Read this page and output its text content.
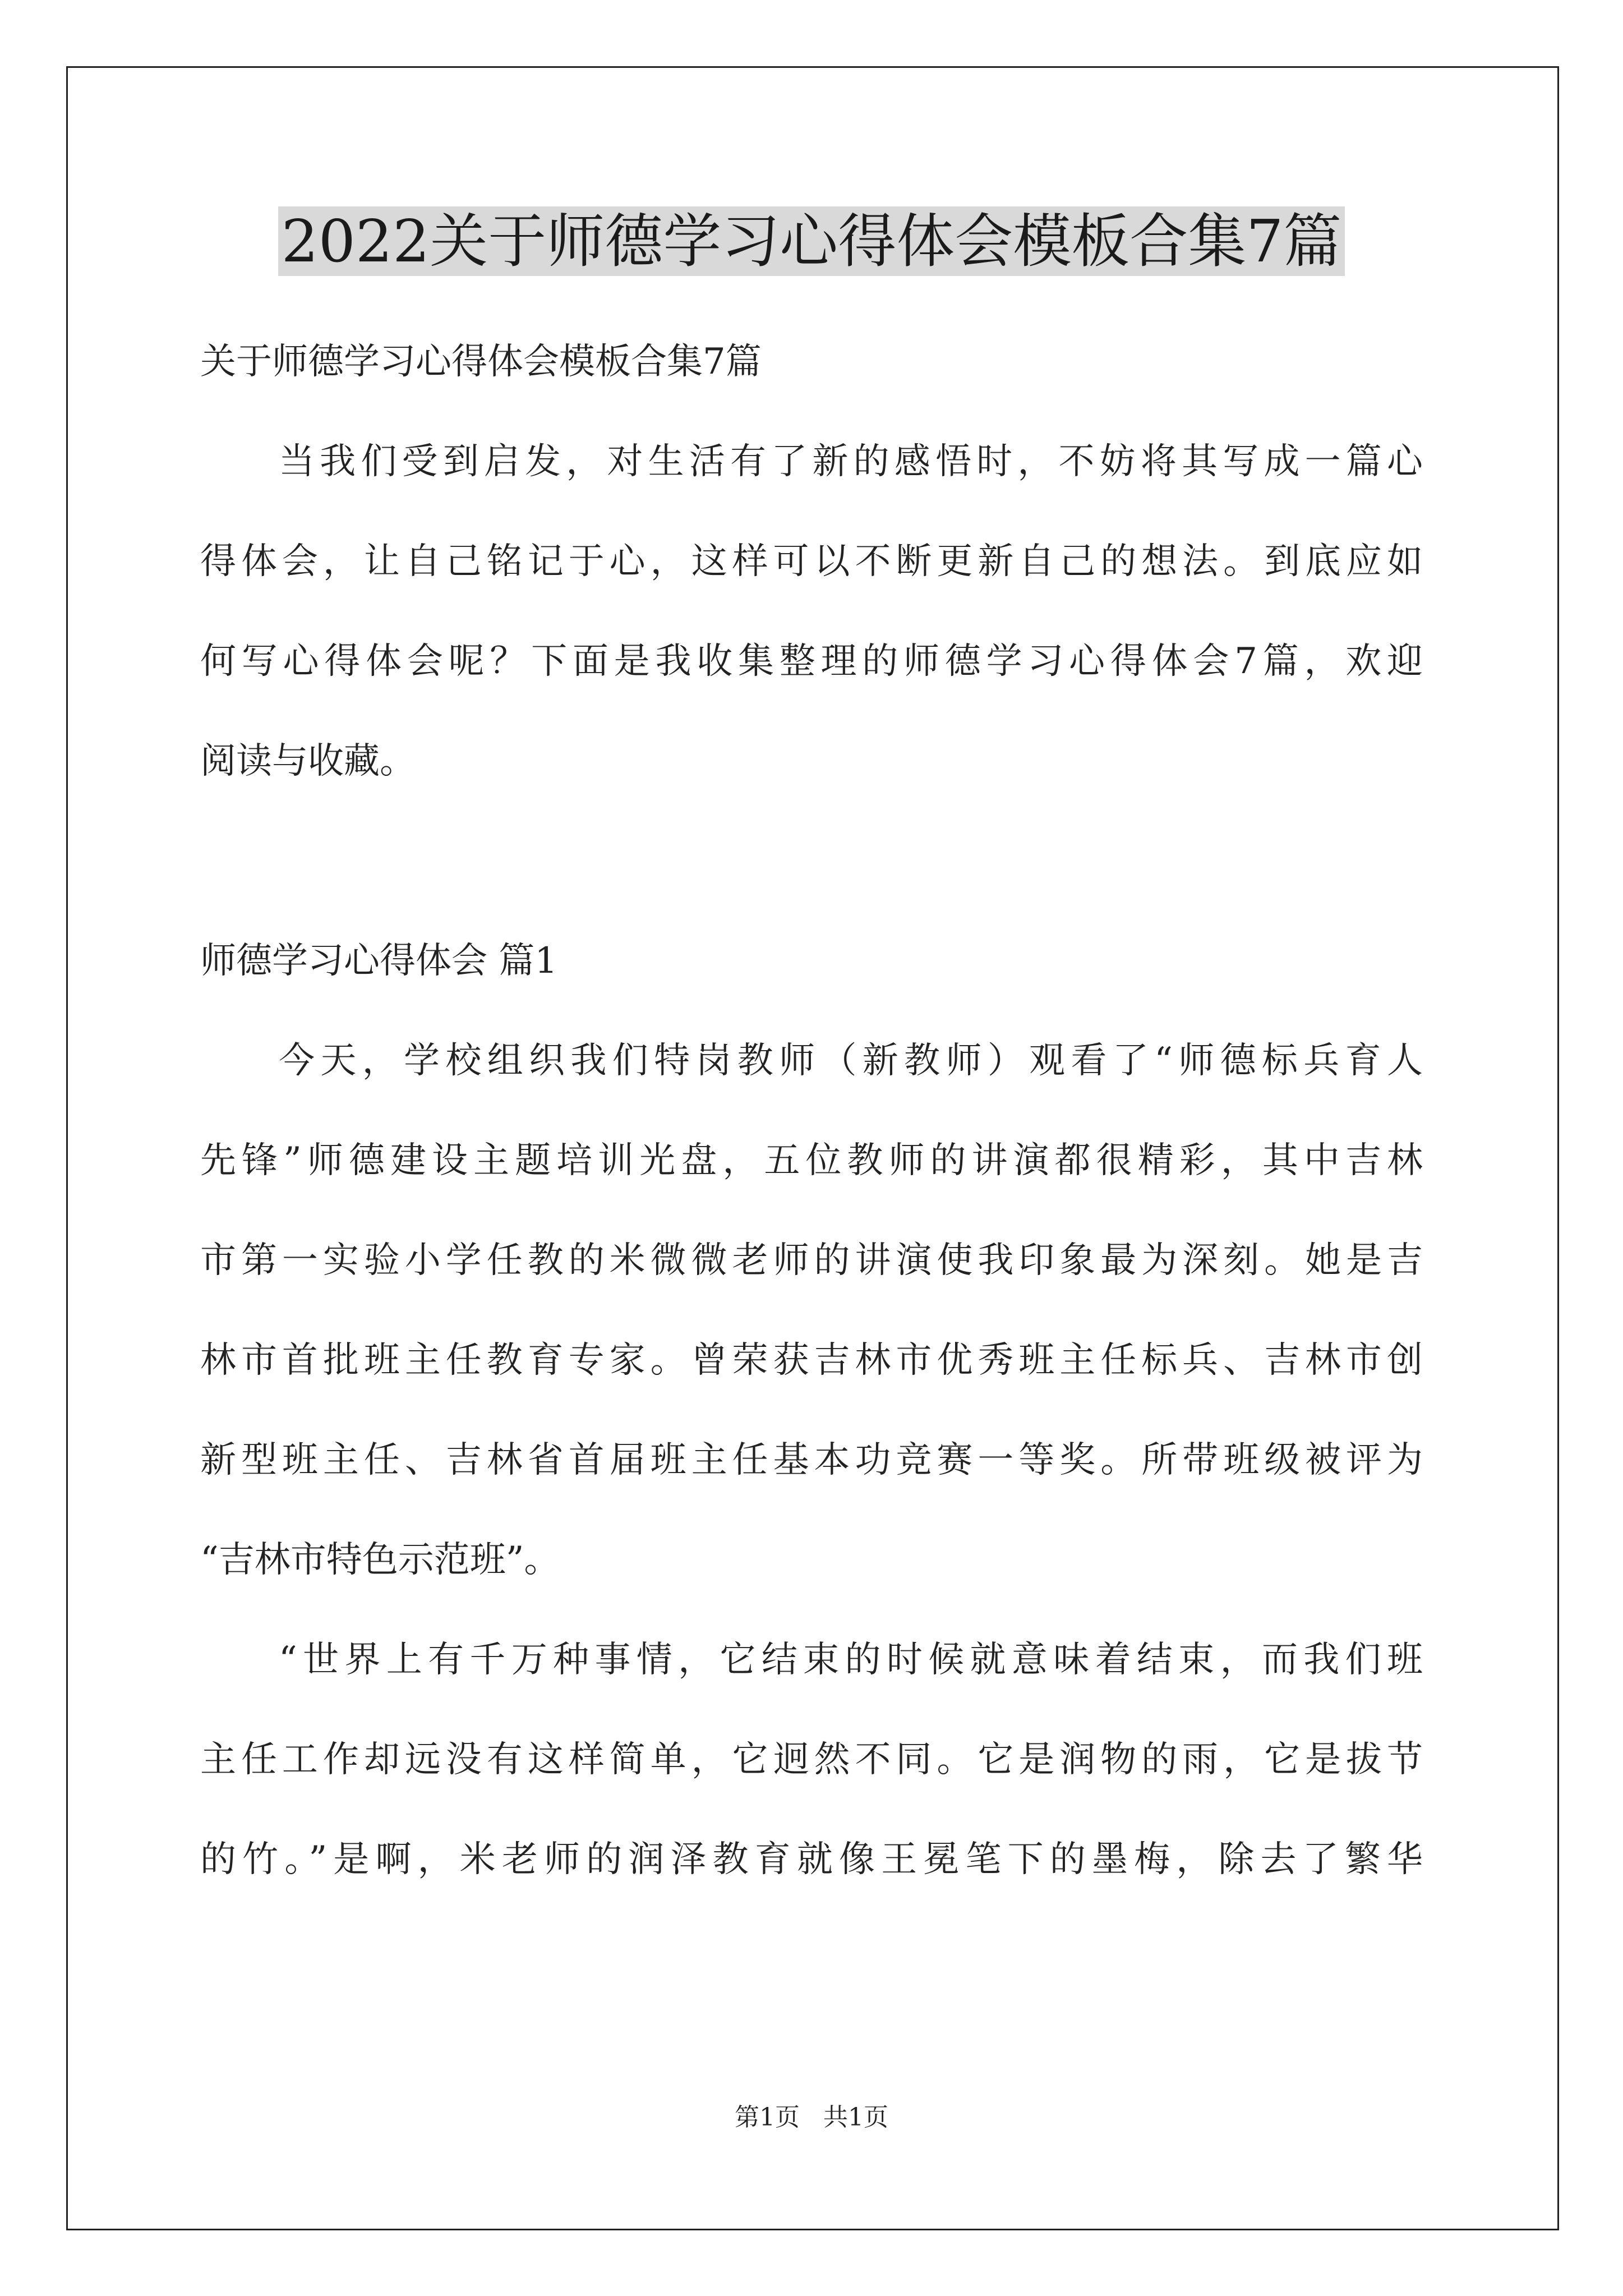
2022关于师德学习心得体会模板合集7篇
关于师德学习心得体会模板合集7篇
当我们受到启发，对生活有了新的感悟时，不妨将其写成一篇心
得体会，让自己铭记于心，这样可以不断更新自己的想法。到底应如
何写心得体会呢？下面是我收集整理的师德学习心得体会7篇，欢迎
阅读与收藏。
师德学习心得体会 篇1
今天，学校组织我们特岗教师（新教师）观看了“师德标兵育人
先锋”师德建设主题培训光盘，五位教师的讲演都很精彩，其中吉林
市第一实验小学任教的米微微老师的讲演使我印象最为深刻。她是吉
林市首批班主任教育专家。曾荣获吉林市优秀班主任标兵、吉林市创
新型班主任、吉林省首届班主任基本功竞赛一等奖。所带班级被评为
“吉林市特色示范班”。
“世界上有千万种事情，它结束的时候就意味着结束，而我们班
主任工作却远没有这样简单，它迥然不同。它是润物的雨，它是拔节
的竹。”是啊，米老师的润泽教育就像王冕笔下的墨梅，除去了繁华
第1页 共1页
